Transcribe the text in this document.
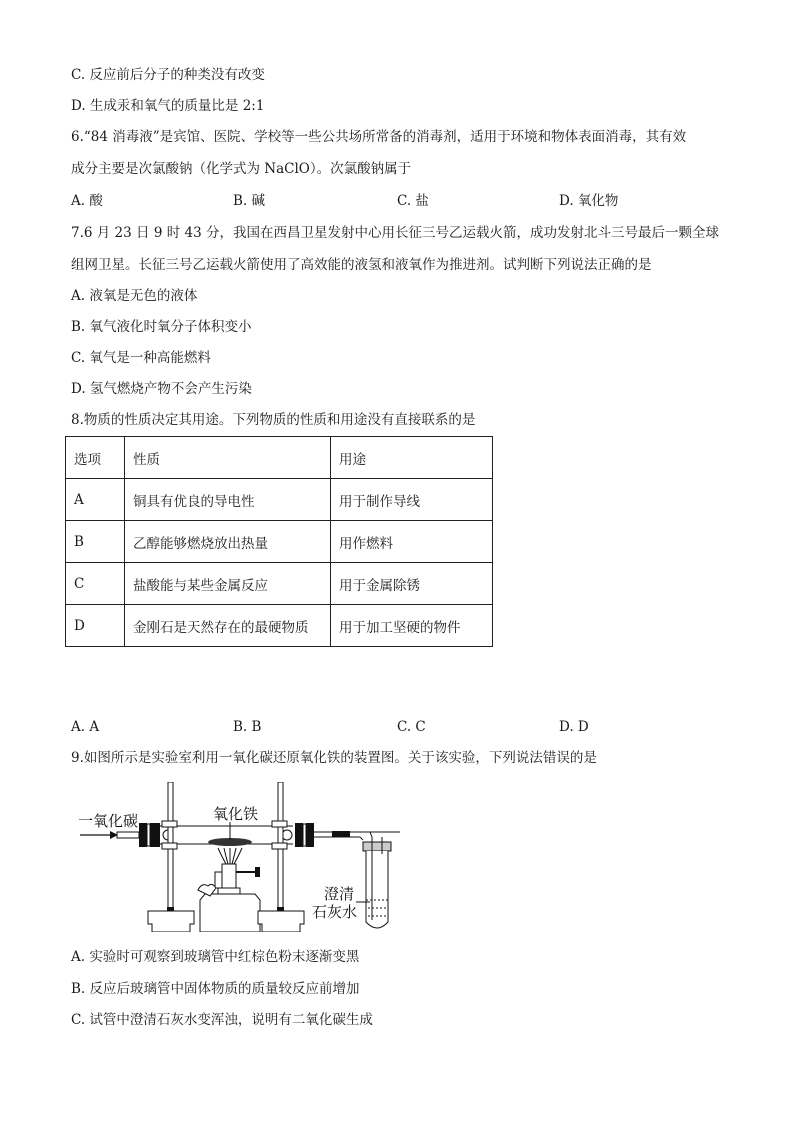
C. 反应前后分子的种类没有改变
D. 生成汞和氧气的质量比是 2:1
6.“84 消毒液”是宾馆、医院、学校等一些公共场所常备的消毒剂，适用于环境和物体表面消毒，其有效
成分主要是次氯酸钠（化学式为 NaClO）。次氯酸钠属于
A. 酸	B. 碱	C. 盐	D. 氧化物
7.6 月 23 日 9 时 43 分，我国在西昌卫星发射中心用长征三号乙运载火箭，成功发射北斗三号最后一颗全球
组网卫星。长征三号乙运载火箭使用了高效能的液氢和液氧作为推进剂。试判断下列说法正确的是
A. 液氧是无色的液体
B. 氧气液化时氧分子体积变小
C. 氧气是一种高能燃料
D. 氢气燃烧产物不会产生污染
8.物质的性质决定其用途。下列物质的性质和用途没有直接联系的是
选项	性质	用途
A	铜具有优良的导电性	用于制作导线
B	乙醇能够燃烧放出热量	用作燃料
C	盐酸能与某些金属反应	用于金属除锈
D	金刚石是天然存在的最硬物质	用于加工坚硬的物件
A. A	B. B	C. C	D. D
9.如图所示是实验室利用一氧化碳还原氧化铁的装置图。关于该实验，下列说法错误的是
一氧化碳	氧化铁
澄清
石灰水
A. 实验时可观察到玻璃管中红棕色粉末逐渐变黑
B. 反应后玻璃管中固体物质的质量较反应前增加
C. 试管中澄清石灰水变浑浊，说明有二氧化碳生成
